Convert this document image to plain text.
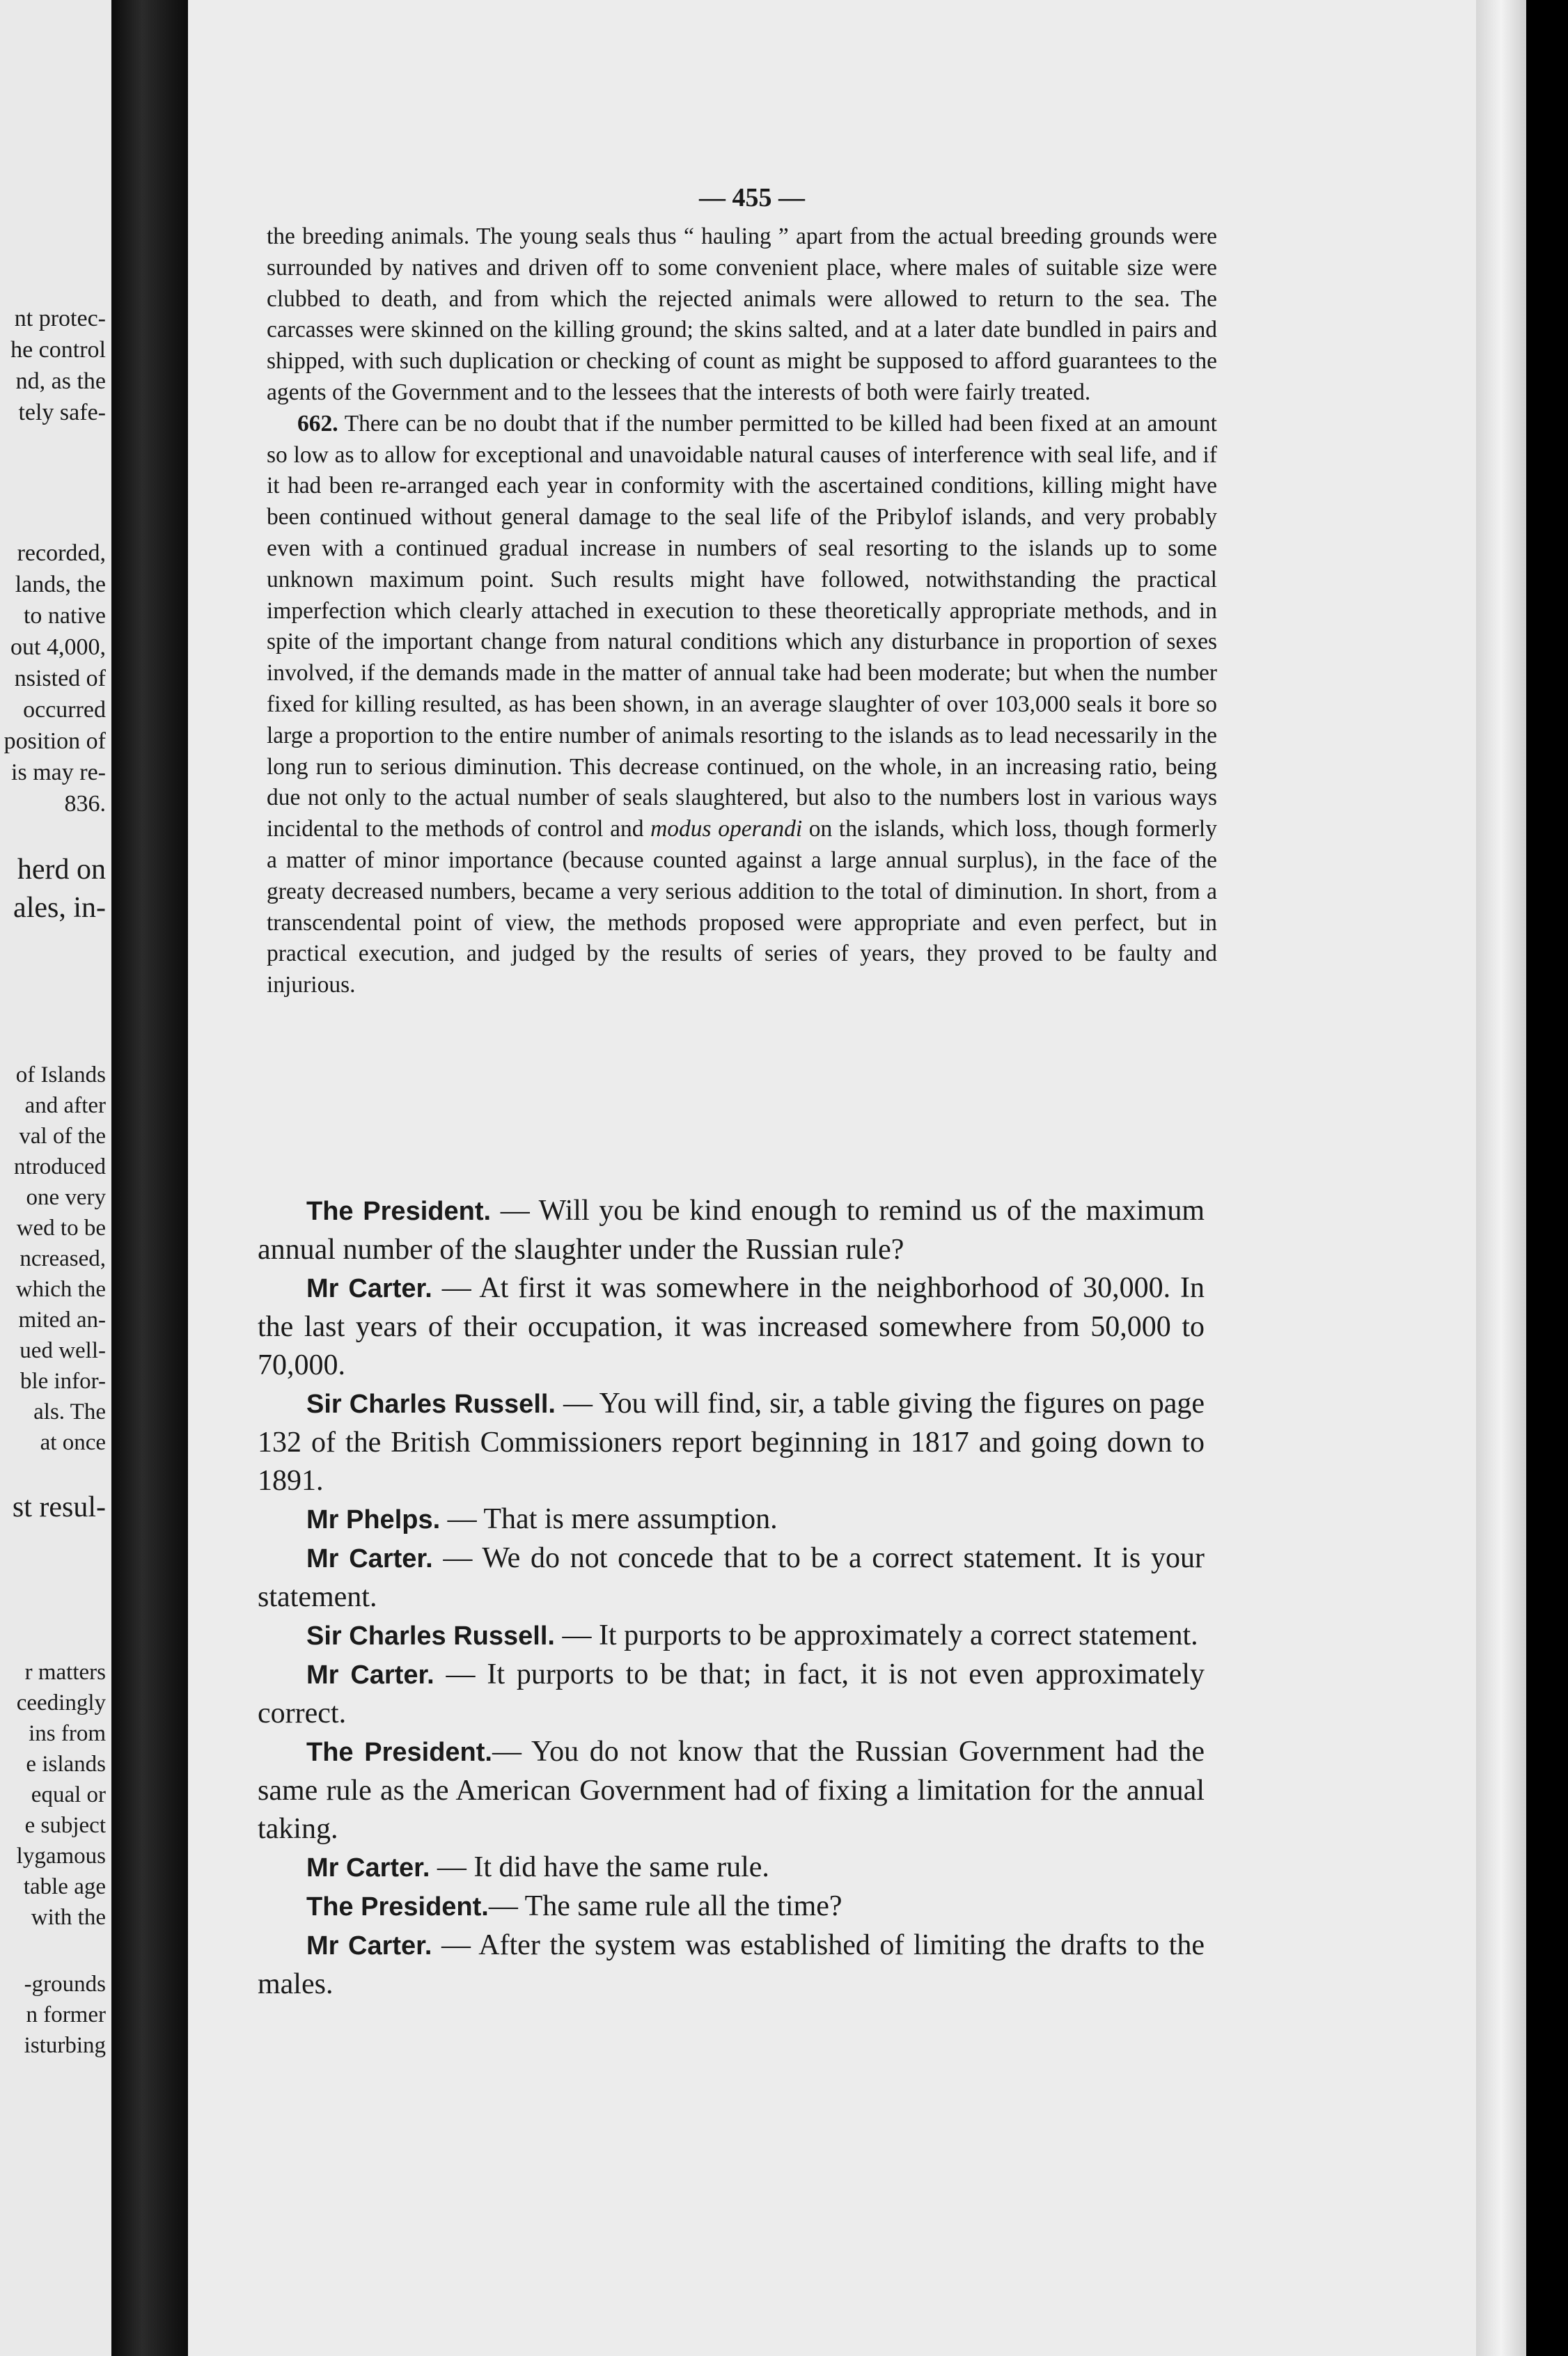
nt protec-
he control
nd, as the
tely safe-
recorded,
lands, the
to native
out 4,000,
nsisted of
occurred
position of
is may re-
836.
herd on
ales, in-
of Islands
and after
val of the
ntroduced
one very
wed to be
ncreased,
which the
mited an-
ued well-
ble infor-
als. The
at once
st resul-
r matters
ceedingly
ins from
e islands
equal or
e subject
lygamous
table age
with the
-grounds
n former
isturbing
— 455 —

the breeding animals. The young seals thus “ hauling ” apart from the actual breeding grounds were surrounded by natives and driven off to some convenient place, where males of suitable size were clubbed to death, and from which the rejected animals were allowed to return to the sea. The carcasses were skinned on the killing ground; the skins salted, and at a later date bundled in pairs and shipped, with such duplication or checking of count as might be supposed to afford guarantees to the agents of the Government and to the lessees that the interests of both were fairly treated.

662. There can be no doubt that if the number permitted to be killed had been fixed at an amount so low as to allow for exceptional and unavoidable natural causes of interference with seal life, and if it had been re-arranged each year in conformity with the ascertained conditions, killing might have been continued without general damage to the seal life of the Pribylof islands, and very probably even with a continued gradual increase in numbers of seal resorting to the islands up to some unknown maximum point. Such results might have followed, notwithstanding the practical imperfection which clearly attached in execution to these theoretically appropriate methods, and in spite of the important change from natural conditions which any disturbance in proportion of sexes involved, if the demands made in the matter of annual take had been moderate; but when the number fixed for killing resulted, as has been shown, in an average slaughter of over 103,000 seals it bore so large a proportion to the entire number of animals resorting to the islands as to lead necessarily in the long run to serious diminution. This decrease continued, on the whole, in an increasing ratio, being due not only to the actual number of seals slaughtered, but also to the numbers lost in various ways incidental to the methods of control and modus operandi on the islands, which loss, though formerly a matter of minor importance (because counted against a large annual surplus), in the face of the greaty decreased numbers, became a very serious addition to the total of diminution. In short, from a transcendental point of view, the methods proposed were appropriate and even perfect, but in practical execution, and judged by the results of series of years, they proved to be faulty and injurious.

The President. — Will you be kind enough to remind us of the maximum annual number of the slaughter under the Russian rule?

Mr Carter. — At first it was somewhere in the neighborhood of 30,000. In the last years of their occupation, it was increased somewhere from 50,000 to 70,000.

Sir Charles Russell. — You will find, sir, a table giving the figures on page 132 of the British Commissioners report beginning in 1817 and going down to 1891.

Mr Phelps. — That is mere assumption.

Mr Carter. — We do not concede that to be a correct statement. It is your statement.

Sir Charles Russell. — It purports to be approximately a correct statement.

Mr Carter. — It purports to be that; in fact, it is not even approximately correct.

The President.— You do not know that the Russian Government had the same rule as the American Government had of fixing a limitation for the annual taking.

Mr Carter. — It did have the same rule.

The President.— The same rule all the time?

Mr Carter. — After the system was established of limiting the drafts to the males.
